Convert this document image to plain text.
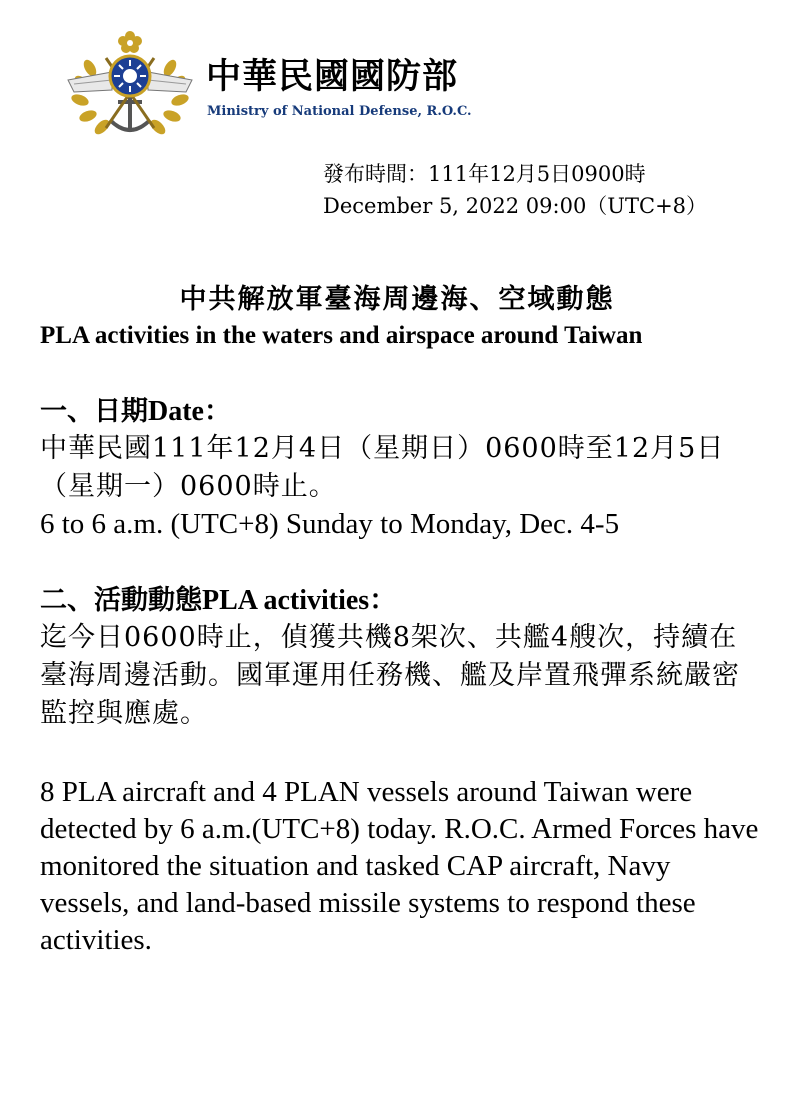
中華民國國防部
Ministry of National Defense, R.O.C.
發布時間：111年12月5日0900時
December 5, 2022 09:00（UTC+8）
中共解放軍臺海周邊海、空域動態
PLA activities in the waters and airspace around Taiwan
一、日期Date：
中華民國111年12月4日（星期日）0600時至12月5日（星期一）0600時止。
6 to 6 a.m. (UTC+8) Sunday to Monday, Dec. 4-5
二、活動動態PLA activities：
迄今日0600時止，偵獲共機8架次、共艦4艘次，持續在臺海周邊活動。國軍運用任務機、艦及岸置飛彈系統嚴密監控與應處。
8 PLA aircraft and 4 PLAN vessels around Taiwan were detected by 6 a.m.(UTC+8) today. R.O.C. Armed Forces have monitored the situation and tasked CAP aircraft, Navy vessels, and land-based missile systems to respond these activities.
